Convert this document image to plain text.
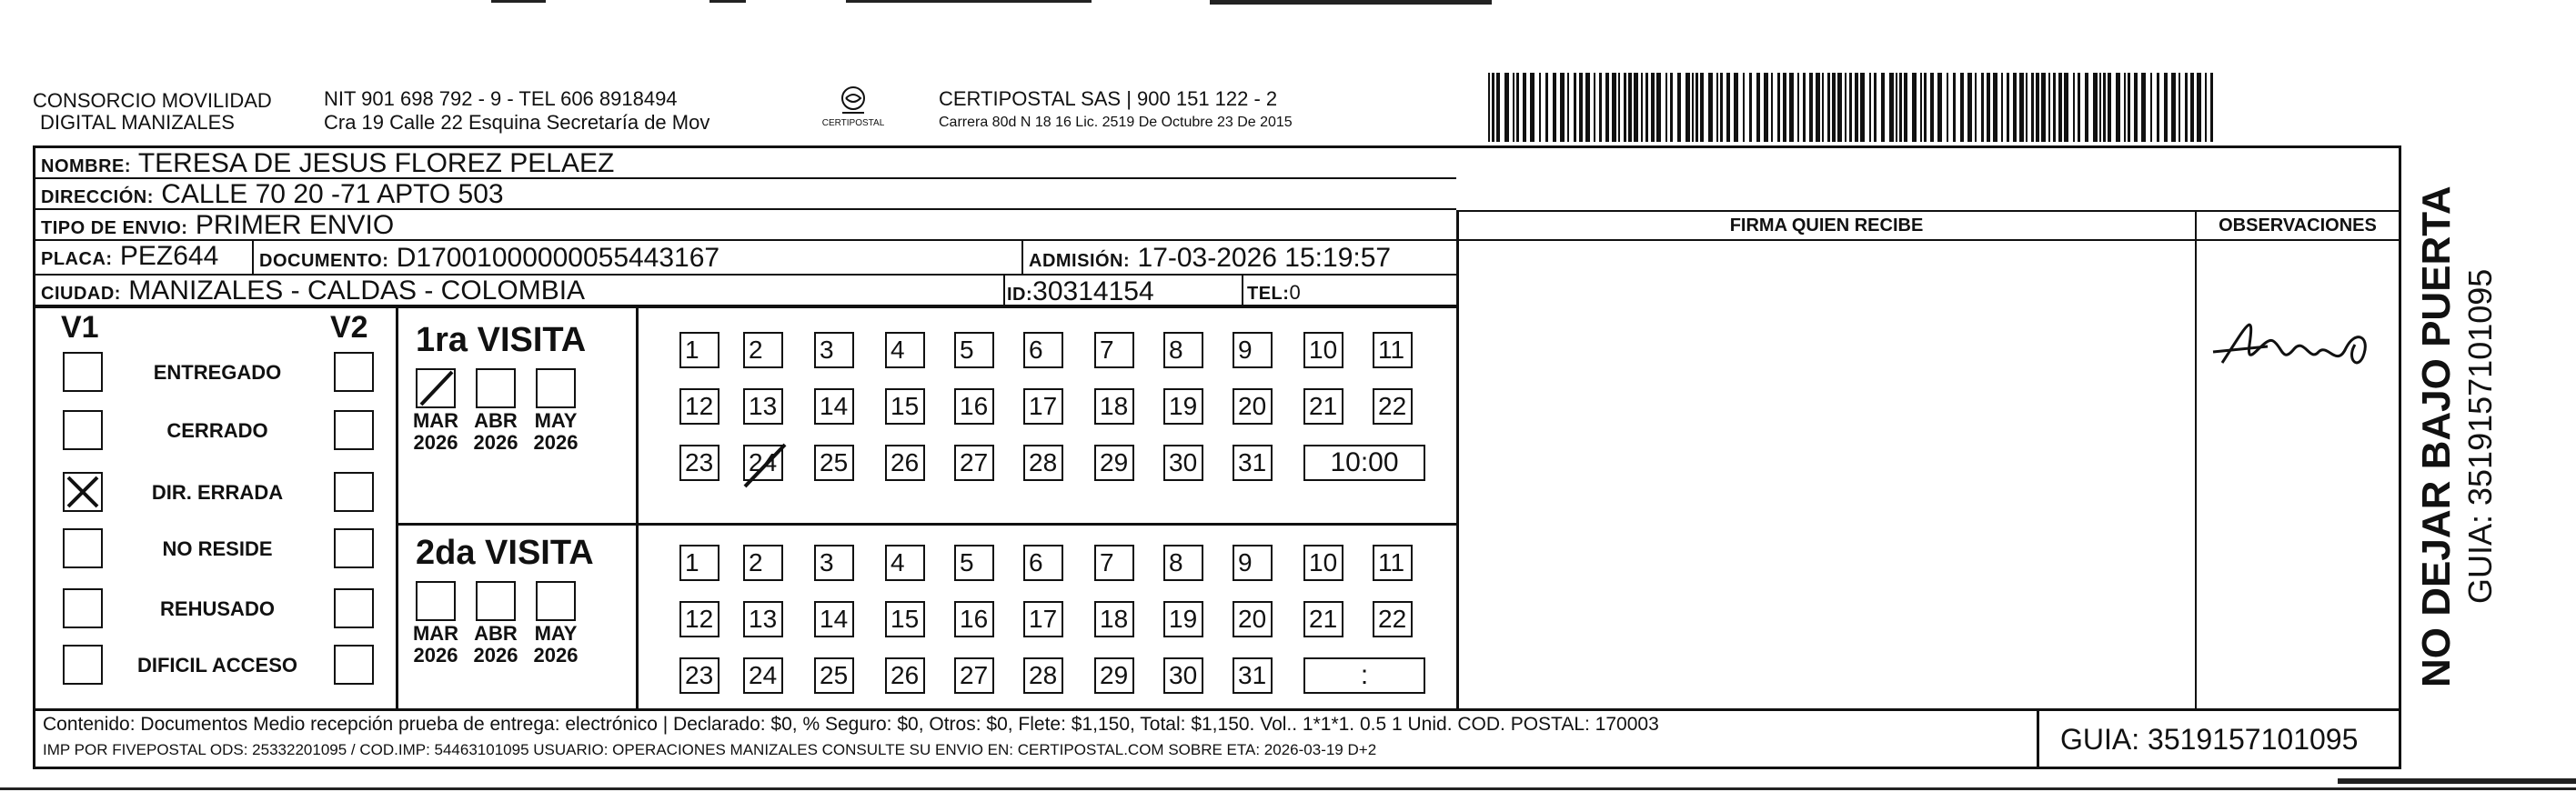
CONSORCIO MOVILIDAD
DIGITAL MANIZALES
NIT 901 698 792 - 9 - TEL 606 8918494
Cra 19 Calle 22 Esquina Secretaría de Mov	CERTIPOSTAL
CERTIPOSTAL SAS | 900 151 122 - 2
Carrera 80d N 18 16 Lic. 2519 De Octubre 23 De 2015
NOMBRE: TERESA DE JESUS FLOREZ PELAEZ
DIRECCIÓN: CALLE 70 20 -71 APTO 503
TIPO DE ENVIO: PRIMER ENVIO
PLACA: PEZ644	DOCUMENTO: D17001000000055443167	ADMISIÓN: 17-03-2026 15:19:57
CIUDAD: MANIZALES - CALDAS - COLOMBIA	ID:30314154	TEL:0
FIRMA QUIEN RECIBE	OBSERVACIONES
V1	V2
ENTREGADO
CERRADO
DIR. ERRADA
NO RESIDE
REHUSADO
DIFICIL ACCESO
1ra VISITA
2da VISITA
MAR
2026
ABR
2026
MAY
2026
1	2	3	4	5	6	7	8	9	10 11
12 13 14 15 16 17 18 19 20 21 22
23 24 25 26 27 28 29 30 31	10:00
MAR
2026
ABR
2026
MAY
2026
1	2	3	4	5	6	7	8	9	10 11
12 13 14 15 16 17 18 19 20 21 22
23 24 25 26 27 28 29 30 31	:
Contenido: Documentos Medio recepción prueba de entrega: electrónico | Declarado: $0, % Seguro: $0, Otros: $0, Flete: $1,150, Total: $1,150. Vol.. 1*1*1. 0.5 1 Unid. COD. POSTAL: 170003
IMP POR FIVEPOSTAL ODS: 25332201095 / COD.IMP: 54463101095 USUARIO: OPERACIONES MANIZALES CONSULTE SU ENVIO EN: CERTIPOSTAL.COM SOBRE ETA: 2026-03-19 D+2	GUIA: 3519157101095
NO DEJAR BAJO PUERTA GUIA: 3519157101095
